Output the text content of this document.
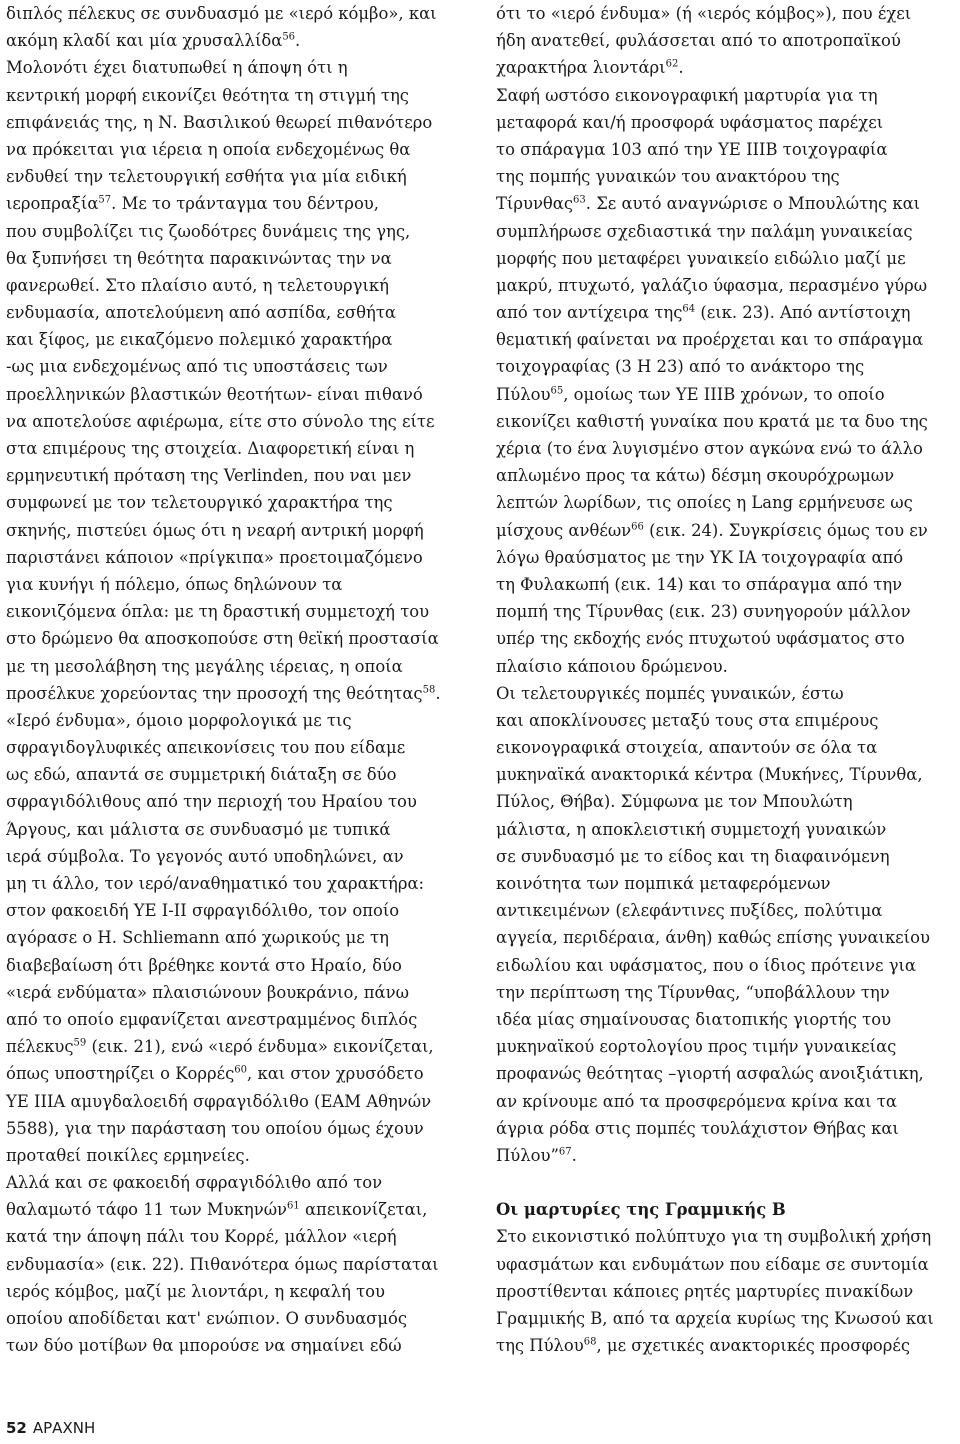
διπλός πέλεκυς σε συνδυασμό με «ιερό κόμβο», και
ακόμη κλαδί και μία χρυσαλλίδα$^{56}$.
Μολονότι έχει διατυπωθεί η άποψη ότι η
κεντρική μορφή εικονίζει θεότητα τη στιγμή της
επιφάνειάς της, η Ν. Βασιλικού θεωρεί πιθανότερο
να πρόκειται για ιέρεια η οποία ενδεχομένως θα
ενδυθεί την τελετουργική εσθήτα για μία ειδική
ιεροπραξία$^{57}$. Με το τράνταγμα του δέντρου,
που συμβολίζει τις ζωοδότρες δυνάμεις της γης,
θα ξυπνήσει τη θεότητα παρακινώντας την να
φανερωθεί. Στο πλαίσιο αυτό, η τελετουργική
ενδυμασία, αποτελούμενη από ασπίδα, εσθήτα
και ξίφος, με εικαζόμενο πολεμικό χαρακτήρα
-ως μια ενδεχομένως από τις υποστάσεις των
προελληνικών βλαστικών θεοτήτων- είναι πιθανό
να αποτελούσε αφιέρωμα, είτε στο σύνολο της είτε
στα επιμέρους της στοιχεία. Διαφορετική είναι η
ερμηνευτική πρόταση της Verlinden, που ναι μεν
συμφωνεί με τον τελετουργικό χαρακτήρα της
σκηνής, πιστεύει όμως ότι η νεαρή αντρική μορφή
παριστάνει κάποιον «πρίγκιπα» προετοιμαζόμενο
για κυνήγι ή πόλεμο, όπως δηλώνουν τα
εικονιζόμενα όπλα: με τη δραστική συμμετοχή του
στο δρώμενο θα αποσκοπούσε στη θεϊκή προστασία
με τη μεσολάβηση της μεγάλης ιέρειας, η οποία
προσέλκυε χορεύοντας την προσοχή της θεότητας$^{58}$.
«Ιερό ένδυμα», όμοιο μορφολογικά με τις
σφραγιδογλυφικές απεικονίσεις του που είδαμε
ως εδώ, απαντά σε συμμετρική διάταξη σε δύο
σφραγιδόλιθους από την περιοχή του Ηραίου του
Άργους, και μάλιστα σε συνδυασμό με τυπικά
ιερά σύμβολα. Το γεγονός αυτό υποδηλώνει, αν
μη τι άλλο, τον ιερό/αναθηματικό του χαρακτήρα:
στον φακοειδή ΥΕ Ι-ΙΙ σφραγιδόλιθο, τον οποίο
αγόρασε ο Η. Schliemann από χωρικούς με τη
διαβεβαίωση ότι βρέθηκε κοντά στο Ηραίο, δύο
«ιερά ενδύματα» πλαισιώνουν βουκράνιο, πάνω
από το οποίο εμφανίζεται ανεστραμμένος διπλός
πέλεκυς$^{59}$ (εικ. 21), ενώ «ιερό ένδυμα» εικονίζεται,
όπως υποστηρίζει ο Κορρές$^{60}$, και στον χρυσόδετο
ΥΕ ΙΙΙΑ αμυγδαλοειδή σφραγιδόλιθο (ΕΑΜ Αθηνών
5588), για την παράσταση του οποίου όμως έχουν
προταθεί ποικίλες ερμηνείες.
Αλλά και σε φακοειδή σφραγιδόλιθο από τον
θαλαμωτό τάφο 11 των Μυκηνών$^{61}$ απεικονίζεται,
κατά την άποψη πάλι του Κορρέ, μάλλον «ιερή
ενδυμασία» (εικ. 22). Πιθανότερα όμως παρίσταται
ιερός κόμβος, μαζί με λιοντάρι, η κεφαλή του
οποίου αποδίδεται κατ' ενώπιον. Ο συνδυασμός
των δύο μοτίβων θα μπορούσε να σημαίνει εδώ
ότι το «ιερό ένδυμα» (ή «ιερός κόμβος»), που έχει
ήδη ανατεθεί, φυλάσσεται από το αποτροπαϊκού
χαρακτήρα λιοντάρι$^{62}$.
Σαφή ωστόσο εικονογραφική μαρτυρία για τη
μεταφορά και/ή προσφορά υφάσματος παρέχει
το σπάραγμα 103 από την ΥΕ ΙΙΙΒ τοιχογραφία
της πομπής γυναικών του ανακτόρου της
Τίρυνθας$^{63}$. Σε αυτό αναγνώρισε ο Μπουλώτης και
συμπλήρωσε σχεδιαστικά την παλάμη γυναικείας
μορφής που μεταφέρει γυναικείο ειδώλιο μαζί με
μακρύ, πτυχωτό, γαλάζιο ύφασμα, περασμένο γύρω
από τον αντίχειρα της$^{64}$ (εικ. 23). Από αντίστοιχη
θεματική φαίνεται να προέρχεται και το σπάραγμα
τοιχογραφίας (3 Η 23) από το ανάκτορο της
Πύλου$^{65}$, ομοίως των ΥΕ ΙΙΙΒ χρόνων, το οποίο
εικονίζει καθιστή γυναίκα που κρατά με τα δυο της
χέρια (το ένα λυγισμένο στον αγκώνα ενώ το άλλο
απλωμένο προς τα κάτω) δέσμη σκουρόχρωμων
λεπτών λωρίδων, τις οποίες η Lang ερμήνευσε ως
μίσχους ανθέων$^{66}$ (εικ. 24). Συγκρίσεις όμως του εν
λόγω θραύσματος με την ΥΚ ΙΑ τοιχογραφία από
τη Φυλακωπή (εικ. 14) και το σπάραγμα από την
πομπή της Τίρυνθας (εικ. 23) συνηγορούν μάλλον
υπέρ της εκδοχής ενός πτυχωτού υφάσματος στο
πλαίσιο κάποιου δρώμενου.
Οι τελετουργικές πομπές γυναικών, έστω
και αποκλίνουσες μεταξύ τους στα επιμέρους
εικονογραφικά στοιχεία, απαντούν σε όλα τα
μυκηναϊκά ανακτορικά κέντρα (Μυκήνες, Τίρυνθα,
Πύλος, Θήβα). Σύμφωνα με τον Μπουλώτη
μάλιστα, η αποκλειστική συμμετοχή γυναικών
σε συνδυασμό με το είδος και τη διαφαινόμενη
κοινότητα των πομπικά μεταφερόμενων
αντικειμένων (ελεφάντινες πυξίδες, πολύτιμα
αγγεία, περιδέραια, άνθη) καθώς επίσης γυναικείου
ειδωλίου και υφάσματος, που ο ίδιος πρότεινε για
την περίπτωση της Τίρυνθας, “υποβάλλουν την
ιδέα μίας σημαίνουσας διατοπικής γιορτής του
μυκηναϊκού εορτολογίου προς τιμήν γυναικείας
προφανώς θεότητας –γιορτή ασφαλώς ανοιξιάτικη,
αν κρίνουμε από τα προσφερόμενα κρίνα και τα
άγρια ρόδα στις πομπές τουλάχιστον Θήβας και
Πύλου”$^{67}$.
Οι μαρτυρίες της Γραμμικής Β
Στο εικονιστικό πολύπτυχο για τη συμβολική χρήση
υφασμάτων και ενδυμάτων που είδαμε σε συντομία
προστίθενται κάποιες ρητές μαρτυρίες πινακίδων
Γραμμικής Β, από τα αρχεία κυρίως της Κνωσού και
της Πύλου$^{68}$, με σχετικές ανακτορικές προσφορές
52 ΑΡΑΧΝΗ
